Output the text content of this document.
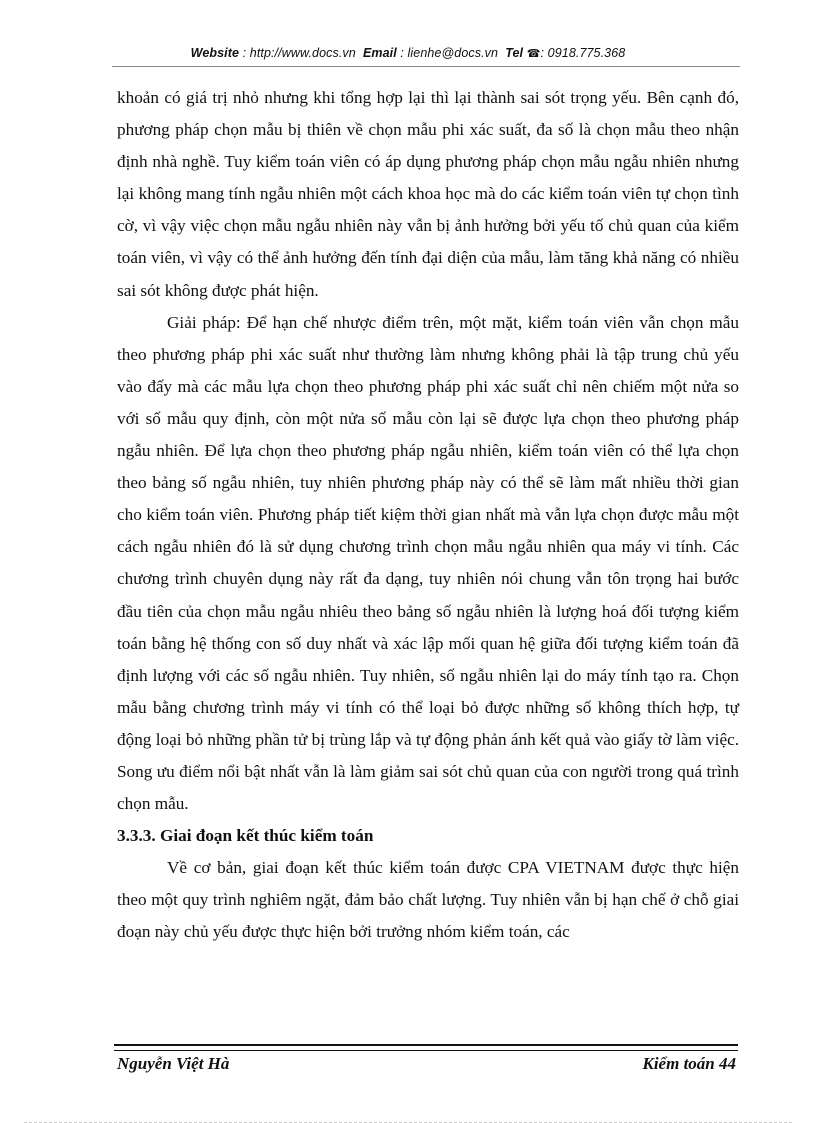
Website : http://www.docs.vn Email : lienhe@docs.vn Tel ☎: 0918.775.368

khoản có giá trị nhỏ nhưng khi tổng hợp lại thì lại thành sai sót trọng yếu. Bên cạnh đó, phương pháp chọn mẫu bị thiên về chọn mẫu phi xác suất, đa số là chọn mẫu theo nhận định nhà nghề. Tuy kiểm toán viên có áp dụng phương pháp chọn mẫu ngẫu nhiên nhưng lại không mang tính ngẫu nhiên một cách khoa học mà do các kiểm toán viên tự chọn tình cờ, vì vậy việc chọn mẫu ngẫu nhiên này vẫn bị ảnh hưởng bởi yếu tố chủ quan của kiểm toán viên, vì vậy có thể ảnh hưởng đến tính đại diện của mẫu, làm tăng khả năng có nhiều sai sót không được phát hiện.

Giải pháp: Để hạn chế nhược điểm trên, một mặt, kiểm toán viên vẫn chọn mẫu theo phương pháp phi xác suất như thường làm nhưng không phải là tập trung chủ yếu vào đấy mà các mẫu lựa chọn theo phương pháp phi xác suất chỉ nên chiếm một nửa so với số mẫu quy định, còn một nửa số mẫu còn lại sẽ được lựa chọn theo phương pháp ngẫu nhiên. Để lựa chọn theo phương pháp ngẫu nhiên, kiểm toán viên có thể lựa chọn theo bảng số ngẫu nhiên, tuy nhiên phương pháp này có thể sẽ làm mất nhiều thời gian cho kiểm toán viên. Phương pháp tiết kiệm thời gian nhất mà vẫn lựa chọn được mẫu một cách ngẫu nhiên đó là sử dụng chương trình chọn mẫu ngẫu nhiên qua máy vi tính. Các chương trình chuyên dụng này rất đa dạng, tuy nhiên nói chung vẫn tôn trọng hai bước đầu tiên của chọn mẫu ngẫu nhiêu theo bảng số ngẫu nhiên là lượng hoá đối tượng kiểm toán bằng hệ thống con số duy nhất và xác lập mối quan hệ giữa đối tượng kiểm toán đã định lượng với các số ngẫu nhiên. Tuy nhiên, số ngẫu nhiên lại do máy tính tạo ra. Chọn mẫu bằng chương trình máy vi tính có thể loại bỏ được những số không thích hợp, tự động loại bỏ những phần tử bị trùng lắp và tự động phản ánh kết quả vào giấy tờ làm việc. Song ưu điểm nổi bật nhất vẫn là làm giảm sai sót chủ quan của con người trong quá trình chọn mẫu.

3.3.3. Giai đoạn kết thúc kiểm toán

Về cơ bản, giai đoạn kết thúc kiểm toán được CPA VIETNAM được thực hiện theo một quy trình nghiêm ngặt, đảm bảo chất lượng. Tuy nhiên vẫn bị hạn chế ở chỗ giai đoạn này chủ yếu được thực hiện bởi trưởng nhóm kiểm toán, các

Nguyễn Việt Hà	Kiểm toán 44
